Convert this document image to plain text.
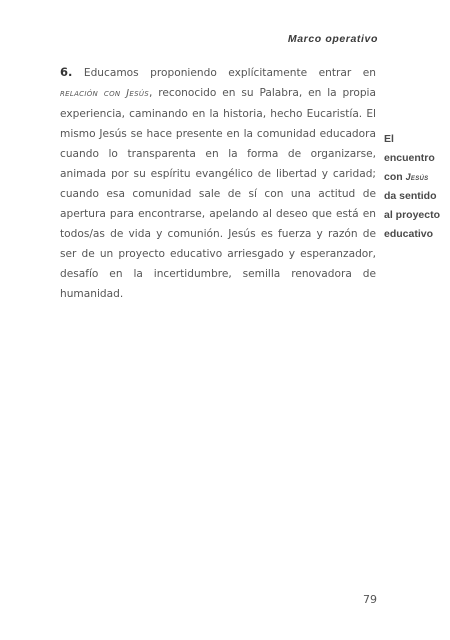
Marco operativo
6. Educamos proponiendo explícitamente entrar en relación con Jesús, reconocido en su Palabra, en la propia experiencia, caminando en la historia, hecho Eucaristía. El mismo Jesús se hace presente en la comunidad educadora cuando lo transparenta en la forma de organizarse, animada por su espíritu evangélico de libertad y caridad; cuando esa comunidad sale de sí con una actitud de apertura para encontrarse, apelando al deseo que está en todos/as de vida y comunión. Jesús es fuerza y razón de ser de un proyecto educativo arriesgado y esperanzador, desafío en la incertidumbre, semilla renovadora de humanidad.
El
encuentro
con Jesús
da sentido
al proyecto
educativo
79
